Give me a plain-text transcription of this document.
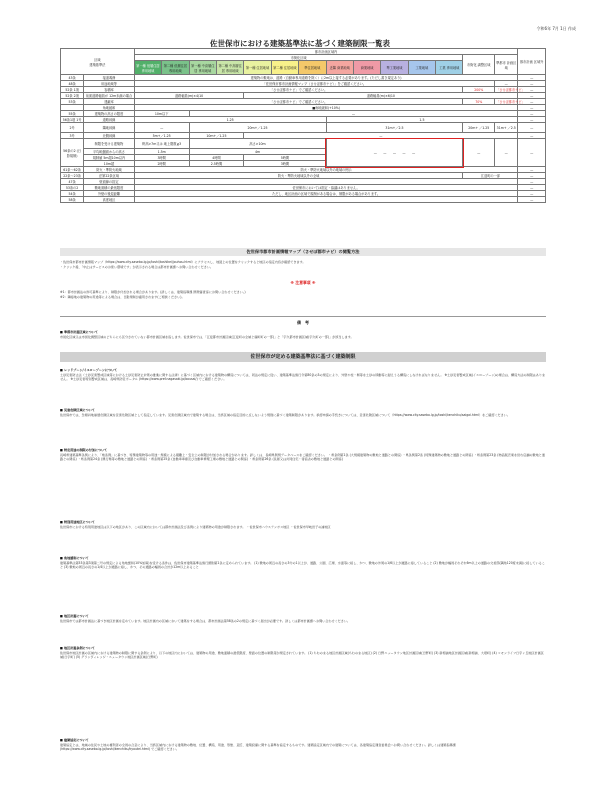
令和6年 7月 1日 作成
佐世保市における建築基準法に基づく建築制限一覧表
区域
建築基準法		都市計画区域内														都市計画 区域外
		市街化区域												市街化 調整区域	準都市 計画区域	
		第一種 低層住居 専用地域	第二種 低層住居 専用地域	第一種 中高層住居 専用地域	第二種 中高層住居 専用地域	第一種 住居地域	第二種 住居地域	準住居地域	近隣 商業地域	商業地域	準工業地域	工業地域	工業 専用地域			
43条	接道義務	建築物の敷地は、道路（自動車専用道路を除く）に2m以上接する必要があります。(ただし書き規定あり)														—
48条	用途地域等	「佐世保市都市計画情報マップ（させぼ都市ナビ）」をご確認ください。													—	—
52条 1項	容積率	「させぼ都市ナビ」でご確認ください。												200%	「させぼ都市ナビ」	—
52条 2項	前面道路幅員が 12m未満の場合	道路幅員(m)×4/10				道路幅員(m)×6/10										—
53条	建蔽率	「させぼ都市ナビ」でご確認ください。												70%	「させぼ都市ナビ」	—
	角地緩和	■角地緩和(+10%)														—
55条	建築物の高さの限度	10m以下		—												—
56条1項 1号	道路斜線	1.25							1.5							—
2号	隣地斜線	—		20m+／1.25					31m+／2.5					20m+ ／1.25	31m+ ／2.5	—
3号	北側斜線	5m+／1.25		10m+／1.25		—										—
56条の2 (日影規制)	制限を受ける建築物	軒高>7m又は 地上階数≧3		高さ>10m					—　　—　　—　　—　　—					—	—	—
	平均地盤面からの高さ	1.5m		4m												
	規制値 5m超10m以内	3時間		4時間		5時間										
	10m超	2時間		2.5時間		3時間										
61条～62条	防火・準防火地域	防火・準防火地域以外の地域の例示														—
22条～23条	法第22条区域	防火・準防火地域以外の全域												江迎町の一部		—
47条	壁面線の指定															—
53条の2	敷地面積の最低限度	佐世保市においては指定・協議はありません。														—
54条	外壁の後退距離	ただし、地区計画の区域で規制がある場合は、制限がある場合があります。														—
58条	高度地区															—
佐世保市都市計画情報マップ（させぼ都市ナビ）の閲覧方法
・佐世保市都市計画情報マップ（https://www.city.sasebo.lg.jp/toshi/toshikei/jouhou.html）にアクセスし、地図上の位置をクリックすると地区の指定内容が確認できます。
・クリック後、「中止はサービスのお使い環境です」が表示される場合は都市計画課へお問い合わせください。
※ 注意事項 ※
※1：都市計画法の許可基準により、制限が付加される場合があります。(詳しくは、建築指導課 開発審査係にお問い合わせください。)
※2：隣接地の建築物の用途等による場合は、日影規制が適用されます(ご相談ください)。
備　考
■ 準都市計画区域について
市街化区域又は市街化調整区域のどちらにも区分されていない都市計画区域を指します。佐世保市では、「江迎都市計画区域(江迎町の全域と鹿町町の一部)」と「宇久都市計画区域(宇久町の一部)」が該当します。
佐世保市が定める建築基準法に基づく建築制限
■ レッドゾーン/イエローゾーンについて
土砂災害防止法（土砂災害警戒区域等における土砂災害防止対策の推進に関する法律）に基づく区域内における建築物の構造については、同法の規定に従い、建築基準法施行令第80条の3の規定により、外壁や柱・塀等を土砂の移動等に耐えうる構造にしなければなりません。 ※土砂災害警戒区域(イエローゾーン)の場合は、構造方法の制限はありません。 ※土砂災害特別警戒区域は、長崎県防災ポータル (https://www.pref.nagasaki.jp/bousai/) でご確認ください。
■ 災害危険区域について
佐世保市では、急傾斜地崩壊危険区域を災害危険区域として指定しています。災害危険区域内で建築する場合は、当該区域の指定目的に反しないよう規則に基づく建築制限があります。承認申請の手続きについては、災害危険区域について（https://www.city.sasebo.lg.jp/toshi/kenchiku/saigai.html）をご確認ください。
■ 特定用途の制限の付加について
長崎県建築基準条例により、「幾条例」に基づき、特殊建築物等の用途・規模による避難上・安全上の制限が付加される場合があります。詳しくは、長崎県例規データベースをご確認ください。 ・県条例第1条 (大規模建築物の敷地と道路との関係) ・県条例第2条 (特殊建築物の敷地と道路との関係) ・県条例第23条 (物品販売業を営む店舗の敷地と道路との関係) ・県条例第24条 (興行場等の敷地と道路との関係) ・県条例第25条 (自動車車庫及び自動車修理工場の敷地と道路との関係) ・県条例第26条 (長屋又は共同住宅・寄宿舎の敷地と道路との関係)
■ 特別用途地区について
佐世保市における特別用途地区は以下の地区があり、この区域内においては都市計画法及び条例により建築物の用途が制限されます。 ・佐世保市ハウステンボス地区 ・佐世保市早岐田子の浦地区
■ 角地緩和について
建築基準法第53条第3項第二号の規定による角地緩和(10%加算)を受ける条件は、佐世保市建築基準法施行細則第1条に定められています。 (1) 敷地の周辺の長さの3分の1以上が、道路、公園、広場、水面等に接し、かつ、敷地の外周の1/6以上が道路に接していること (2) 敷地が幅員それぞれ6m以上の道路の交差部(隅角120度未満)に接していること (3) 敷地の周辺の長さの1/4以上が道路に接し、かつ、その道路の幅員の合計が12m以上あること
■ 地区計画について
佐世保市では都市計画法に基づき地区計画を定めています。地区計画内の区域において建築をする場合は、都市計画法第58条の2の規定に基づく届出が必要です。詳しくは都市計画課へお問い合わせください。
■ 地区計画条例について
佐世保市地区計画の区域内における建築物の制限に関する条例により、以下の地区内においては、建築物の用途、敷地面積の最低限度、壁面の位置の制限等が規定されています。 (1) ちむのまる地区計画区域(ちむのまる地区) (2) 日野ニュータウン地区計画区域(日野町) (3) 新相浦地区計画区域(新相浦、大塔町) (4) コモンライフ日宇ヶ丘地区計画区域(日宇町) (5) グランヴィレッジ・ニュータウン地区計画区域(日野町)
■ 建築協定について
建築協定とは、地域の住民や土地の権利者の全員の合意により、当該区域内における建築物の敷地、位置、構造、用途、形態、意匠、建築設備に関する基準を協定するものです。建築協定区域内での建築については、各建築協定運営委員会へお問い合わせください。詳しくは建築指導課 (https://www.city.sasebo.lg.jp/toshi/kenchiku/kyoutei.html) でご確認ください。
